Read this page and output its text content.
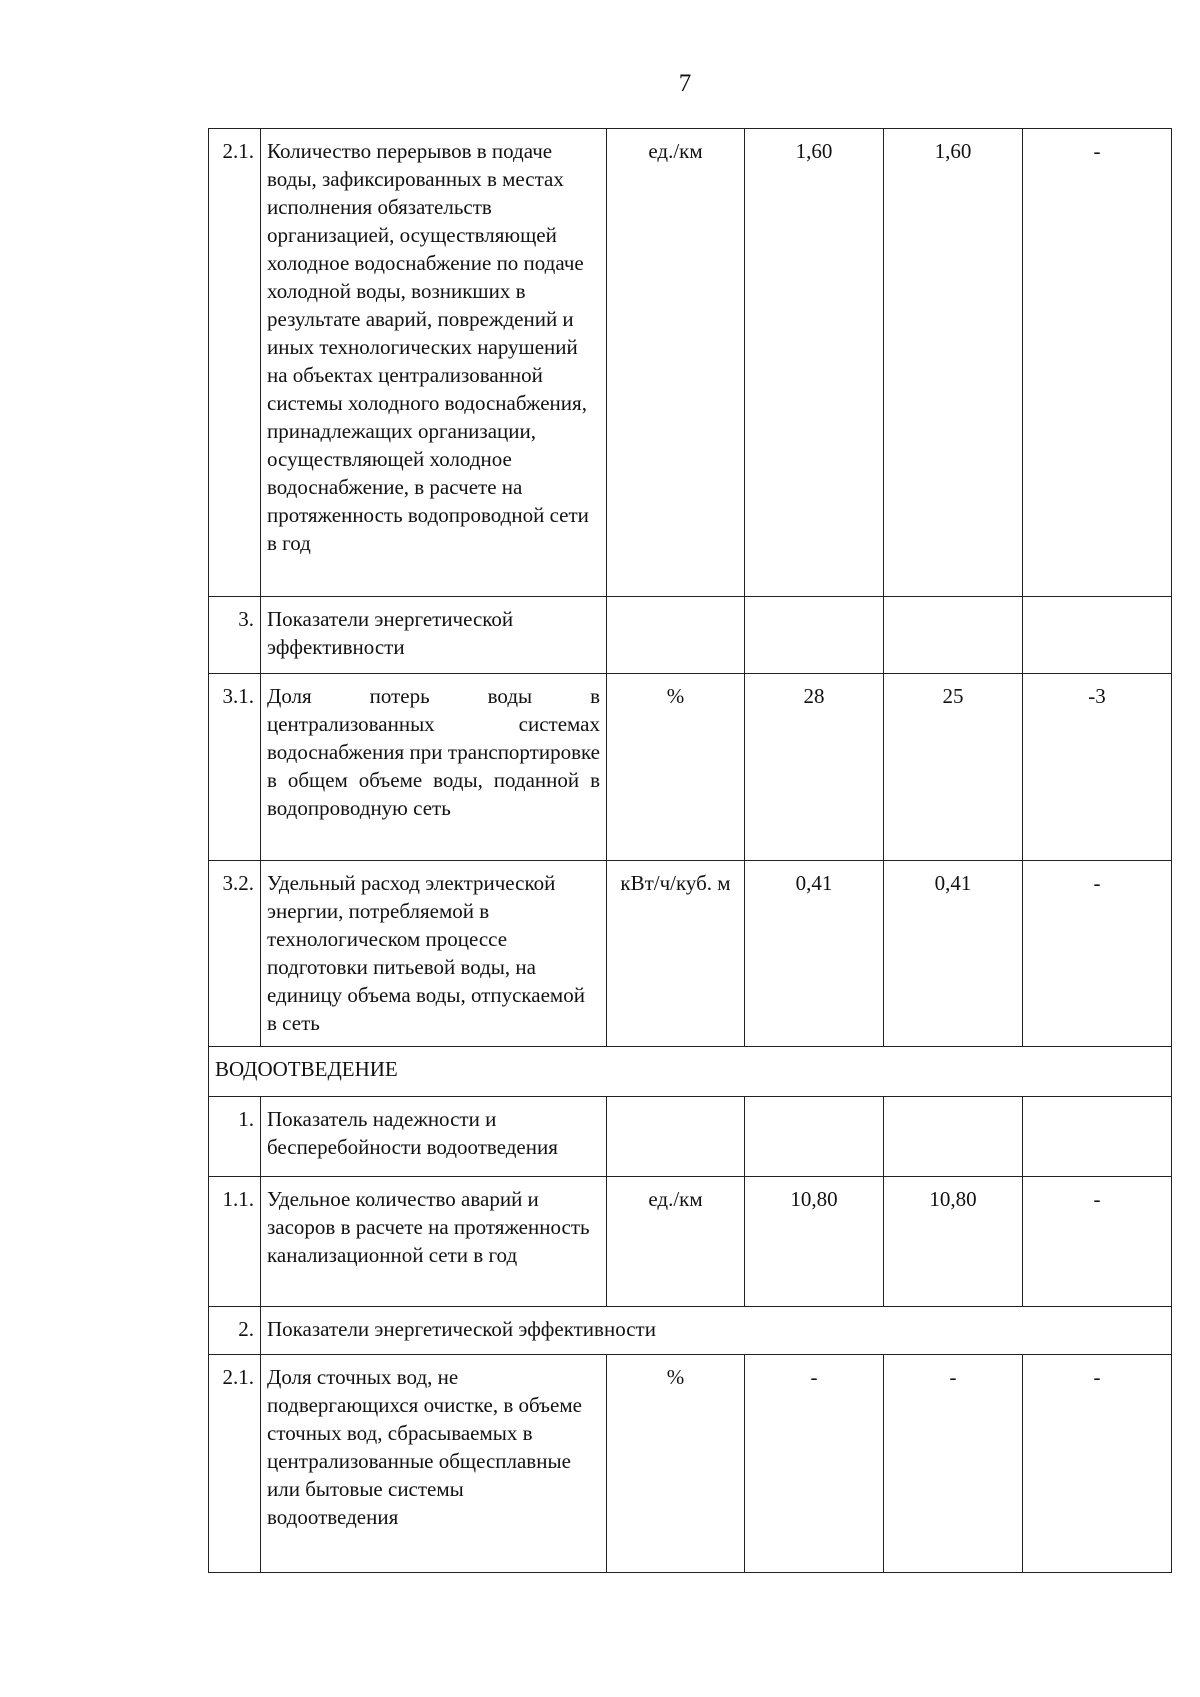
7
2.1.	Количество перерывов в подаче воды, зафиксированных в местах исполнения обязательств организацией, осуществляющей холодное водоснабжение по подаче холодной воды, возникших в результате аварий, повреждений и иных технологических нарушений на объектах централизованной системы холодного водоснабжения, принадлежащих организации, осуществляющей холодное водоснабжение, в расчете на протяженность водопроводной сети в год	ед./км	1,60	1,60	-
3.	Показатели энергетической эффективности				
3.1.	Доля потерь воды в централизованных системах водоснабжения при транспортировке в общем объеме воды, поданной в водопроводную сеть	%	28	25	-3
3.2.	Удельный расход электрической энергии, потребляемой в технологическом процессе подготовки питьевой воды, на единицу объема воды, отпускаемой в сеть	кВт/ч/куб. м	0,41	0,41	-
ВОДООТВЕДЕНИЕ					
1.	Показатель надежности и бесперебойности водоотведения				
1.1.	Удельное количество аварий и засоров в расчете на протяженность канализационной сети в год	ед./км	10,80	10,80	-
2.	Показатели энергетической эффективности				
2.1.	Доля сточных вод, не подвергающихся очистке, в объеме сточных вод, сбрасываемых в централизованные общесплавные или бытовые системы водоотведения	%	-	-	-
